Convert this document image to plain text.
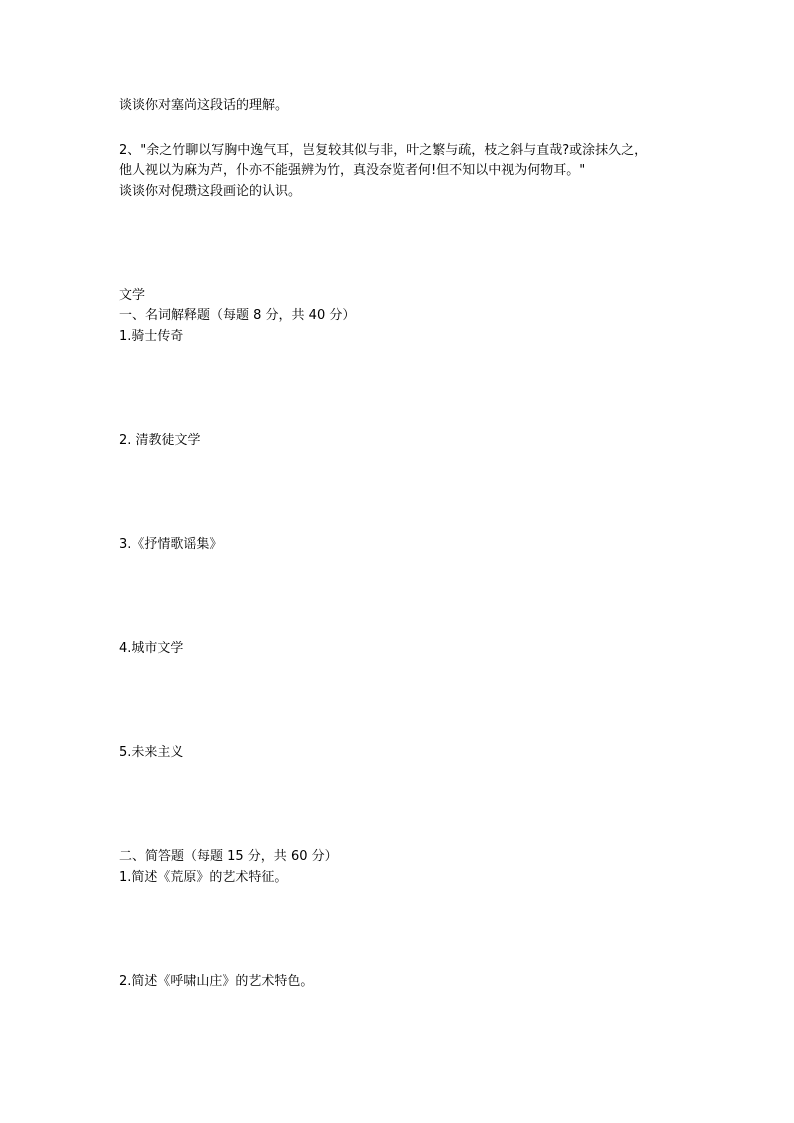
谈谈你对塞尚这段话的理解。

2、"余之竹聊以写胸中逸气耳，岂复较其似与非，叶之繁与疏，枝之斜与直哉?或涂抹久之，

他人视以为麻为芦，仆亦不能强辨为竹，真没奈览者何!但不知以中视为何物耳。"

谈谈你对倪瓒这段画论的认识。

文学

一、名词解释题（每题 8 分，共 40 分）

1.骑士传奇

2. 清教徒文学

3.《抒情歌谣集》

4.城市文学

5.未来主义

二、简答题（每题 15 分，共 60 分）

1.简述《荒原》的艺术特征。

2.简述《呼啸山庄》的艺术特色。
